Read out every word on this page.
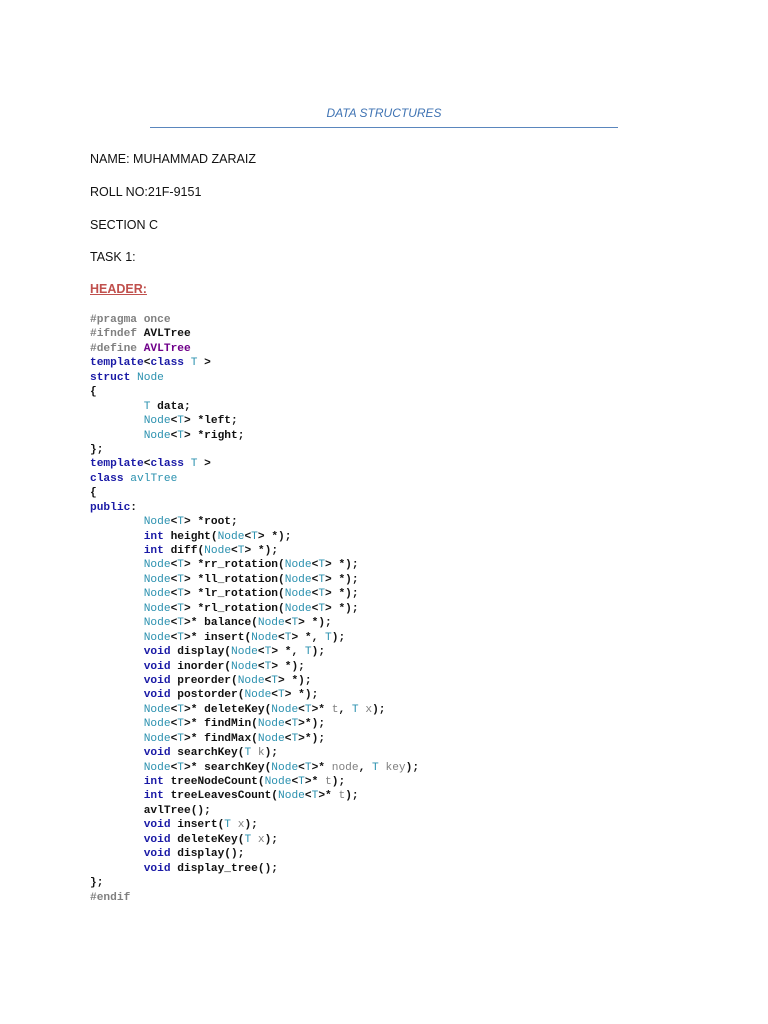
DATA STRUCTURES
NAME: MUHAMMAD ZARAIZ
ROLL NO:21F-9151
SECTION C
TASK 1:
HEADER:
#pragma once
#ifndef AVLTree
#define AVLTree
template<class T >
struct Node
{
T data;
Node<T> *left;
Node<T> *right;
};
template<class T >
class avlTree
{
public:
Node<T> *root;
int height(Node<T> *);
int diff(Node<T> *);
Node<T> *rr_rotation(Node<T> *);
Node<T> *ll_rotation(Node<T> *);
Node<T> *lr_rotation(Node<T> *);
Node<T> *rl_rotation(Node<T> *);
Node<T>* balance(Node<T> *);
Node<T>* insert(Node<T> *, T);
void display(Node<T> *, T);
void inorder(Node<T> *);
void preorder(Node<T> *);
void postorder(Node<T> *);
Node<T>* deleteKey(Node<T>* t, T x);
Node<T>* findMin(Node<T>*);
Node<T>* findMax(Node<T>*);
void searchKey(T k);
Node<T>* searchKey(Node<T>* node, T key);
int treeNodeCount(Node<T>* t);
int treeLeavesCount(Node<T>* t);
avlTree();
void insert(T x);
void deleteKey(T x);
void display();
void display_tree();
};
#endif
